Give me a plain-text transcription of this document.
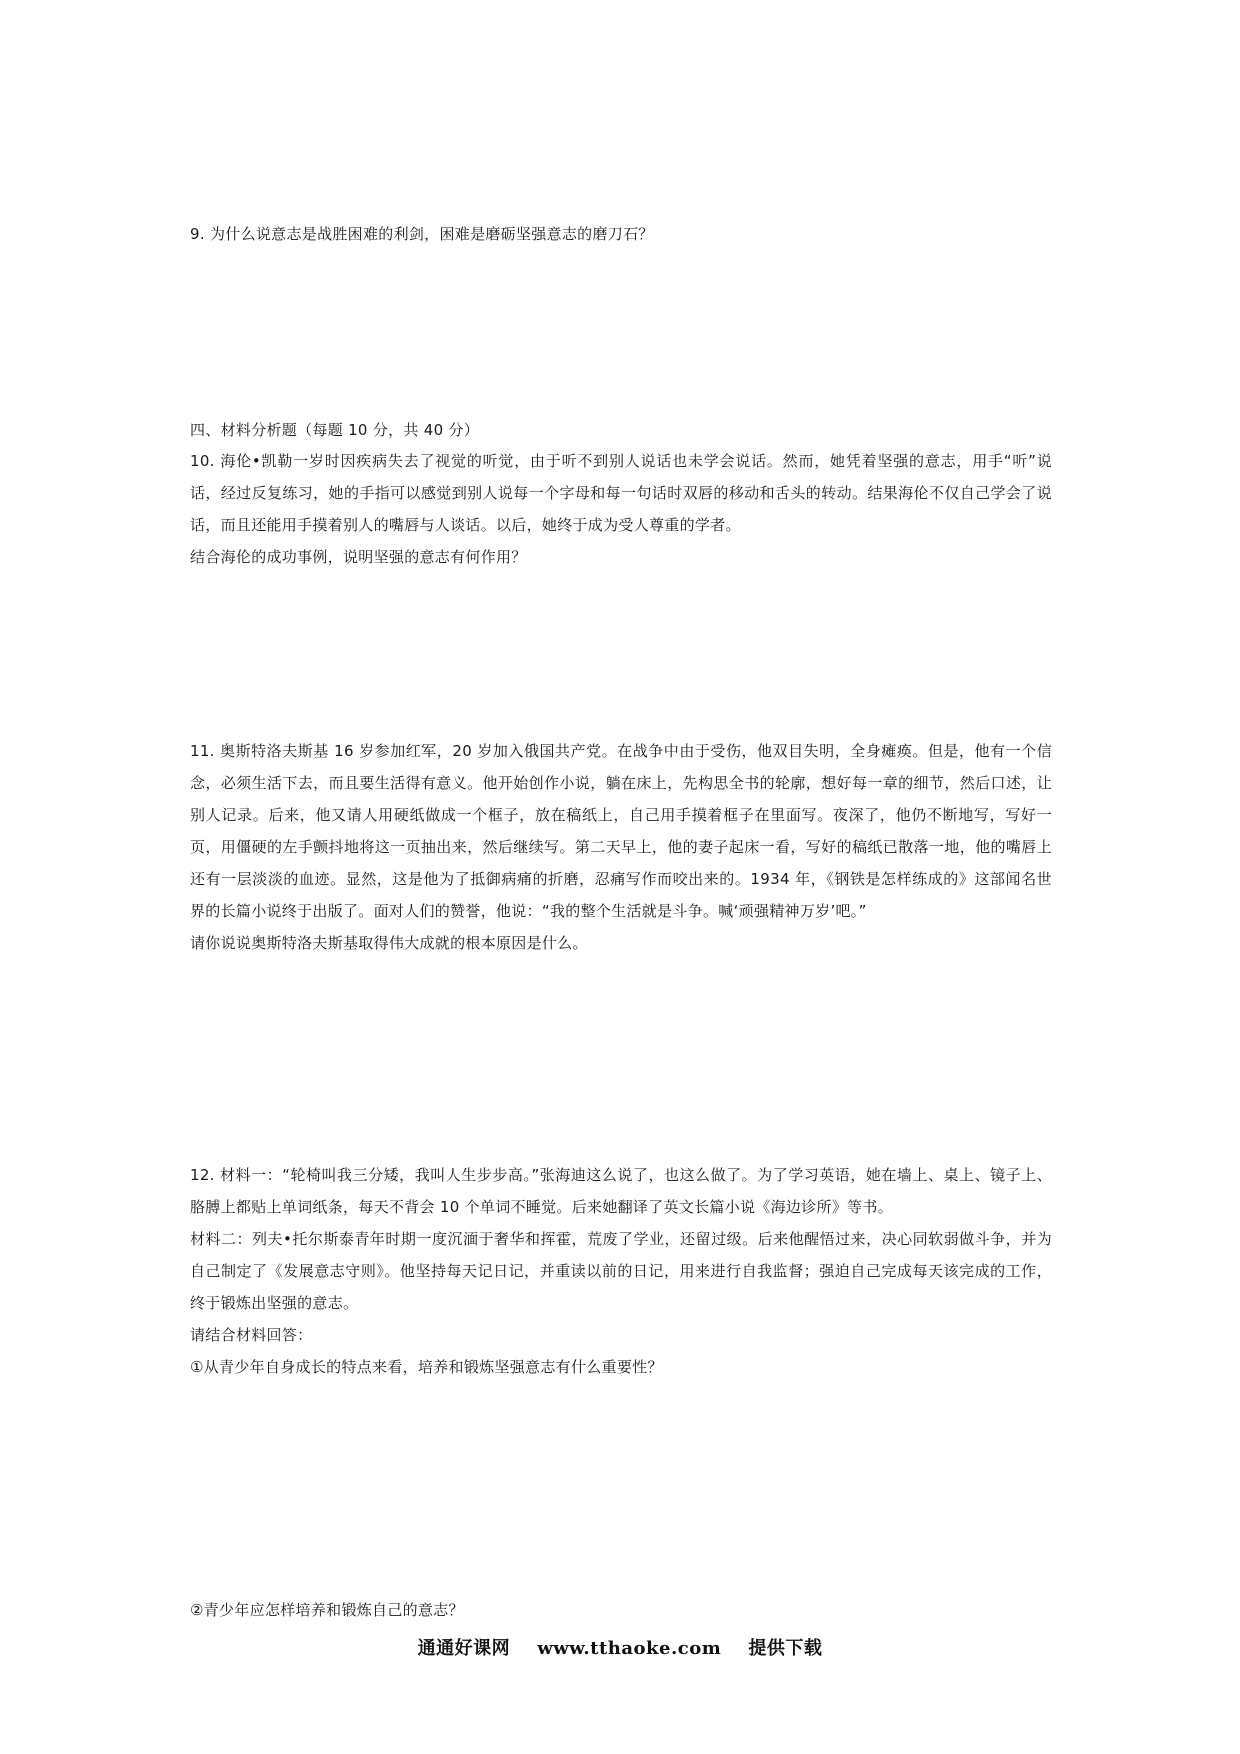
9. 为什么说意志是战胜困难的利剑，困难是磨砺坚强意志的磨刀石？

四、材料分析题（每题 10 分，共 40 分）

10. 海伦•凯勒一岁时因疾病失去了视觉的听觉，由于听不到别人说话也未学会说话。然而，她凭着坚强的意志，用手“听”说话，经过反复练习，她的手指可以感觉到别人说每一个字母和每一句话时双唇的移动和舌头的转动。结果海伦不仅自己学会了说话，而且还能用手摸着别人的嘴唇与人谈话。以后，她终于成为受人尊重的学者。

结合海伦的成功事例，说明坚强的意志有何作用？

11. 奥斯特洛夫斯基 16 岁参加红军，20 岁加入俄国共产党。在战争中由于受伤，他双目失明，全身瘫痪。但是，他有一个信念，必须生活下去，而且要生活得有意义。他开始创作小说，躺在床上，先构思全书的轮廓，想好每一章的细节，然后口述，让别人记录。后来，他又请人用硬纸做成一个框子，放在稿纸上，自己用手摸着框子在里面写。夜深了，他仍不断地写，写好一页，用僵硬的左手颤抖地将这一页抽出来，然后继续写。第二天早上，他的妻子起床一看，写好的稿纸已散落一地，他的嘴唇上还有一层淡淡的血迹。显然，这是他为了抵御病痛的折磨，忍痛写作而咬出来的。1934 年，《钢铁是怎样练成的》这部闻名世界的长篇小说终于出版了。面对人们的赞誉，他说：“我的整个生活就是斗争。喊‘顽强精神万岁’吧。”

请你说说奥斯特洛夫斯基取得伟大成就的根本原因是什么。

12. 材料一：“轮椅叫我三分矮，我叫人生步步高。”张海迪这么说了，也这么做了。为了学习英语，她在墙上、桌上、镜子上、胳膊上都贴上单词纸条，每天不背会 10 个单词不睡觉。后来她翻译了英文长篇小说《海边诊所》等书。

材料二：列夫•托尔斯泰青年时期一度沉湎于奢华和挥霍，荒废了学业，还留过级。后来他醒悟过来，决心同软弱做斗争，并为自己制定了《发展意志守则》。他坚持每天记日记，并重读以前的日记，用来进行自我监督；强迫自己完成每天该完成的工作，终于锻炼出坚强的意志。

请结合材料回答：

①从青少年自身成长的特点来看，培养和锻炼坚强意志有什么重要性？

②青少年应怎样培养和锻炼自己的意志？

通通好课网 www.tthaoke.com 提供下载
